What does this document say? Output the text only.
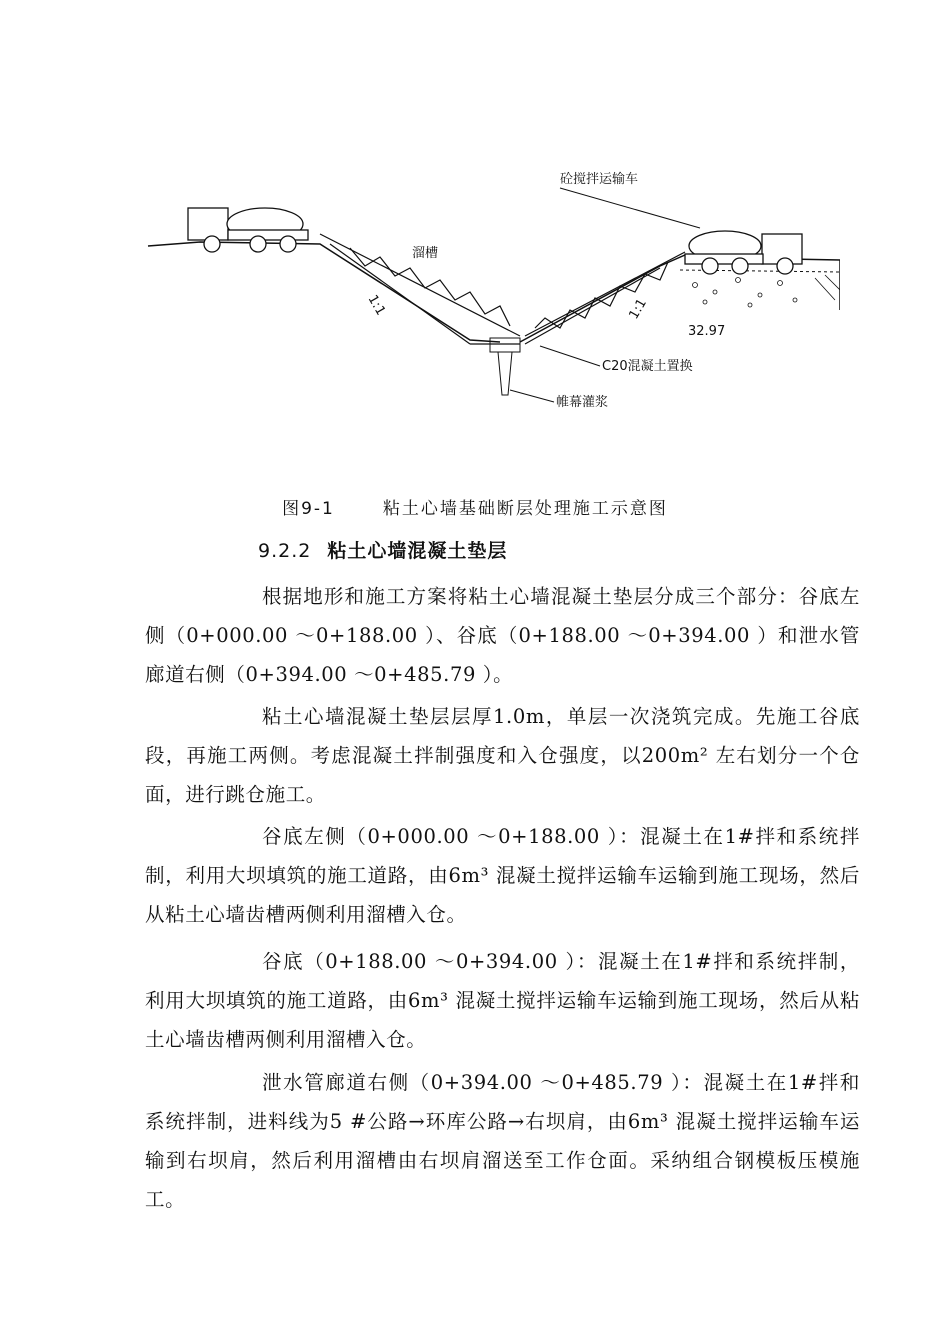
砼搅拌运输车
溜槽
32.97
C20混凝土置换
帷幕灌浆
1:1	1:1
图9-1	粘土心墙基础断层处理施工示意图
9.2.2 粘土心墙混凝土垫层

根据地形和施工方案将粘土心墙混凝土垫层分成三个部分：谷底左侧（0+000.00 ～0+188.00 ）、谷底（0+188.00 ～0+394.00 ）和泄水管廊道右侧（0+394.00 ～0+485.79 ）。

粘土心墙混凝土垫层层厚1.0m，单层一次浇筑完成。先施工谷底段，再施工两侧。考虑混凝土拌制强度和入仓强度，以200m² 左右划分一个仓面，进行跳仓施工。

谷底左侧（0+000.00 ～0+188.00 ）：混凝土在1#拌和系统拌制，利用大坝填筑的施工道路，由6m³ 混凝土搅拌运输车运输到施工现场，然后从粘土心墙齿槽两侧利用溜槽入仓。

谷底（0+188.00 ～0+394.00 ）：混凝土在1#拌和系统拌制，利用大坝填筑的施工道路，由6m³ 混凝土搅拌运输车运输到施工现场，然后从粘土心墙齿槽两侧利用溜槽入仓。

泄水管廊道右侧（0+394.00 ～0+485.79 ）：混凝土在1#拌和系统拌制，进料线为5 #公路→环库公路→右坝肩，由6m³ 混凝土搅拌运输车运输到右坝肩，然后利用溜槽由右坝肩溜送至工作仓面。采纳组合钢模板压模施工。
